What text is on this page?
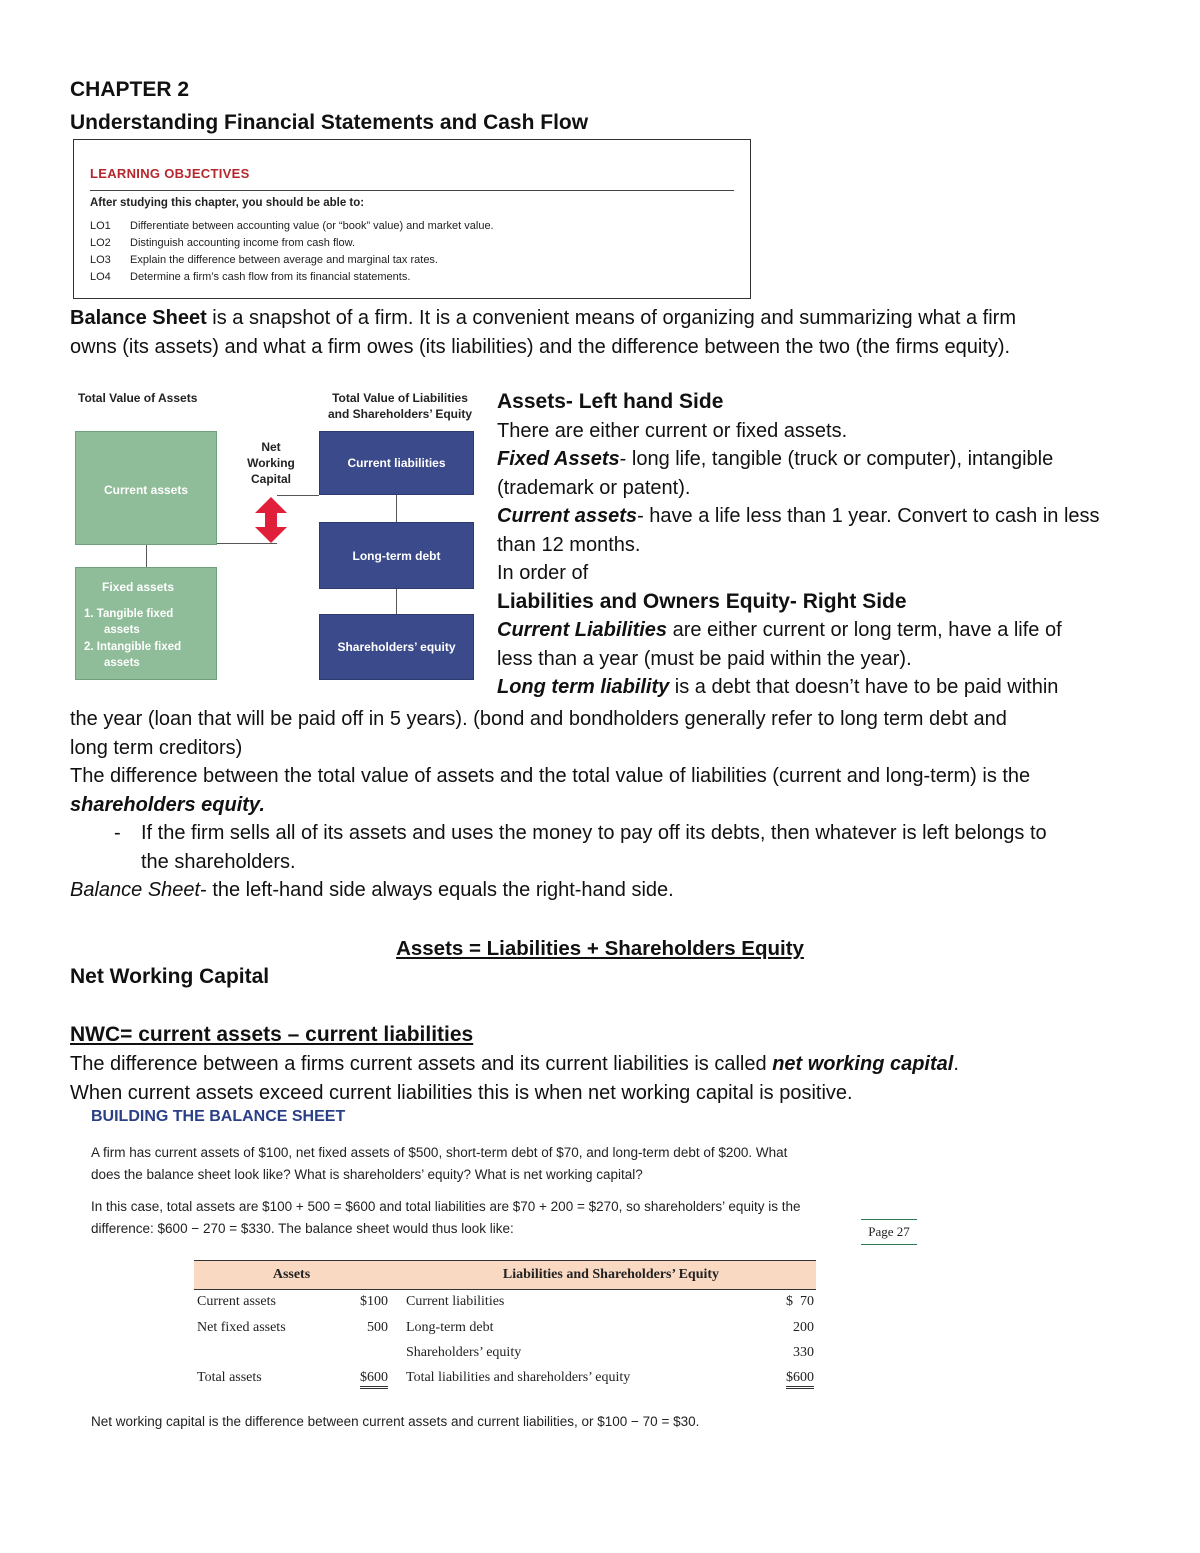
CHAPTER 2
Understanding Financial Statements and Cash Flow
LEARNING OBJECTIVES
After studying this chapter, you should be able to:
LO1 Differentiate between accounting value (or “book” value) and market value.
LO2 Distinguish accounting income from cash flow.
LO3 Explain the difference between average and marginal tax rates.
LO4 Determine a firm’s cash flow from its financial statements.
Balance Sheet is a snapshot of a firm. It is a convenient means of organizing and summarizing what a firm
owns (its assets) and what a firm owes (its liabilities) and the difference between the two (the firms equity).
Total Value of Assets	Total Value of Liabilities
and Shareholders’ Equity
Current assets
Fixed assets
1. Tangible fixed
assets
2. Intangible fixed
assets
Net
Working
Capital
Current liabilities
Long-term debt
Shareholders’ equity
Assets- Left hand Side
There are either current or fixed assets.
Fixed Assets- long life, tangible (truck or computer), intangible
(trademark or patent).
Current assets- have a life less than 1 year. Convert to cash in less
than 12 months.
In order of
Liabilities and Owners Equity- Right Side
Current Liabilities are either current or long term, have a life of
less than a year (must be paid within the year).
Long term liability is a debt that doesn’t have to be paid within
the year (loan that will be paid off in 5 years). (bond and bondholders generally refer to long term debt and
long term creditors)
The difference between the total value of assets and the total value of liabilities (current and long-term) is the
shareholders equity.
- If the firm sells all of its assets and uses the money to pay off its debts, then whatever is left belongs to
the shareholders.
Balance Sheet- the left-hand side always equals the right-hand side.
Assets = Liabilities + Shareholders Equity
Net Working Capital
NWC= current assets – current liabilities
The difference between a firms current assets and its current liabilities is called net working capital.
When current assets exceed current liabilities this is when net working capital is positive.
BUILDING THE BALANCE SHEET
A firm has current assets of $100, net fixed assets of $500, short-term debt of $70, and long-term debt of $200. What
does the balance sheet look like? What is shareholders’ equity? What is net working capital?
In this case, total assets are $100 + 500 = $600 and total liabilities are $70 + 200 = $270, so shareholders’ equity is the
difference: $600 − 270 = $330. The balance sheet would thus look like:	Page 27
Assets	Liabilities and Shareholders’ Equity
Current assets	$100 Current liabilities	$  70
Net fixed assets	500 Long-term debt	200
Shareholders’ equity	330
Total assets	$600 Total liabilities and shareholders’ equity	$600
Net working capital is the difference between current assets and current liabilities, or $100 − 70 = $30.
